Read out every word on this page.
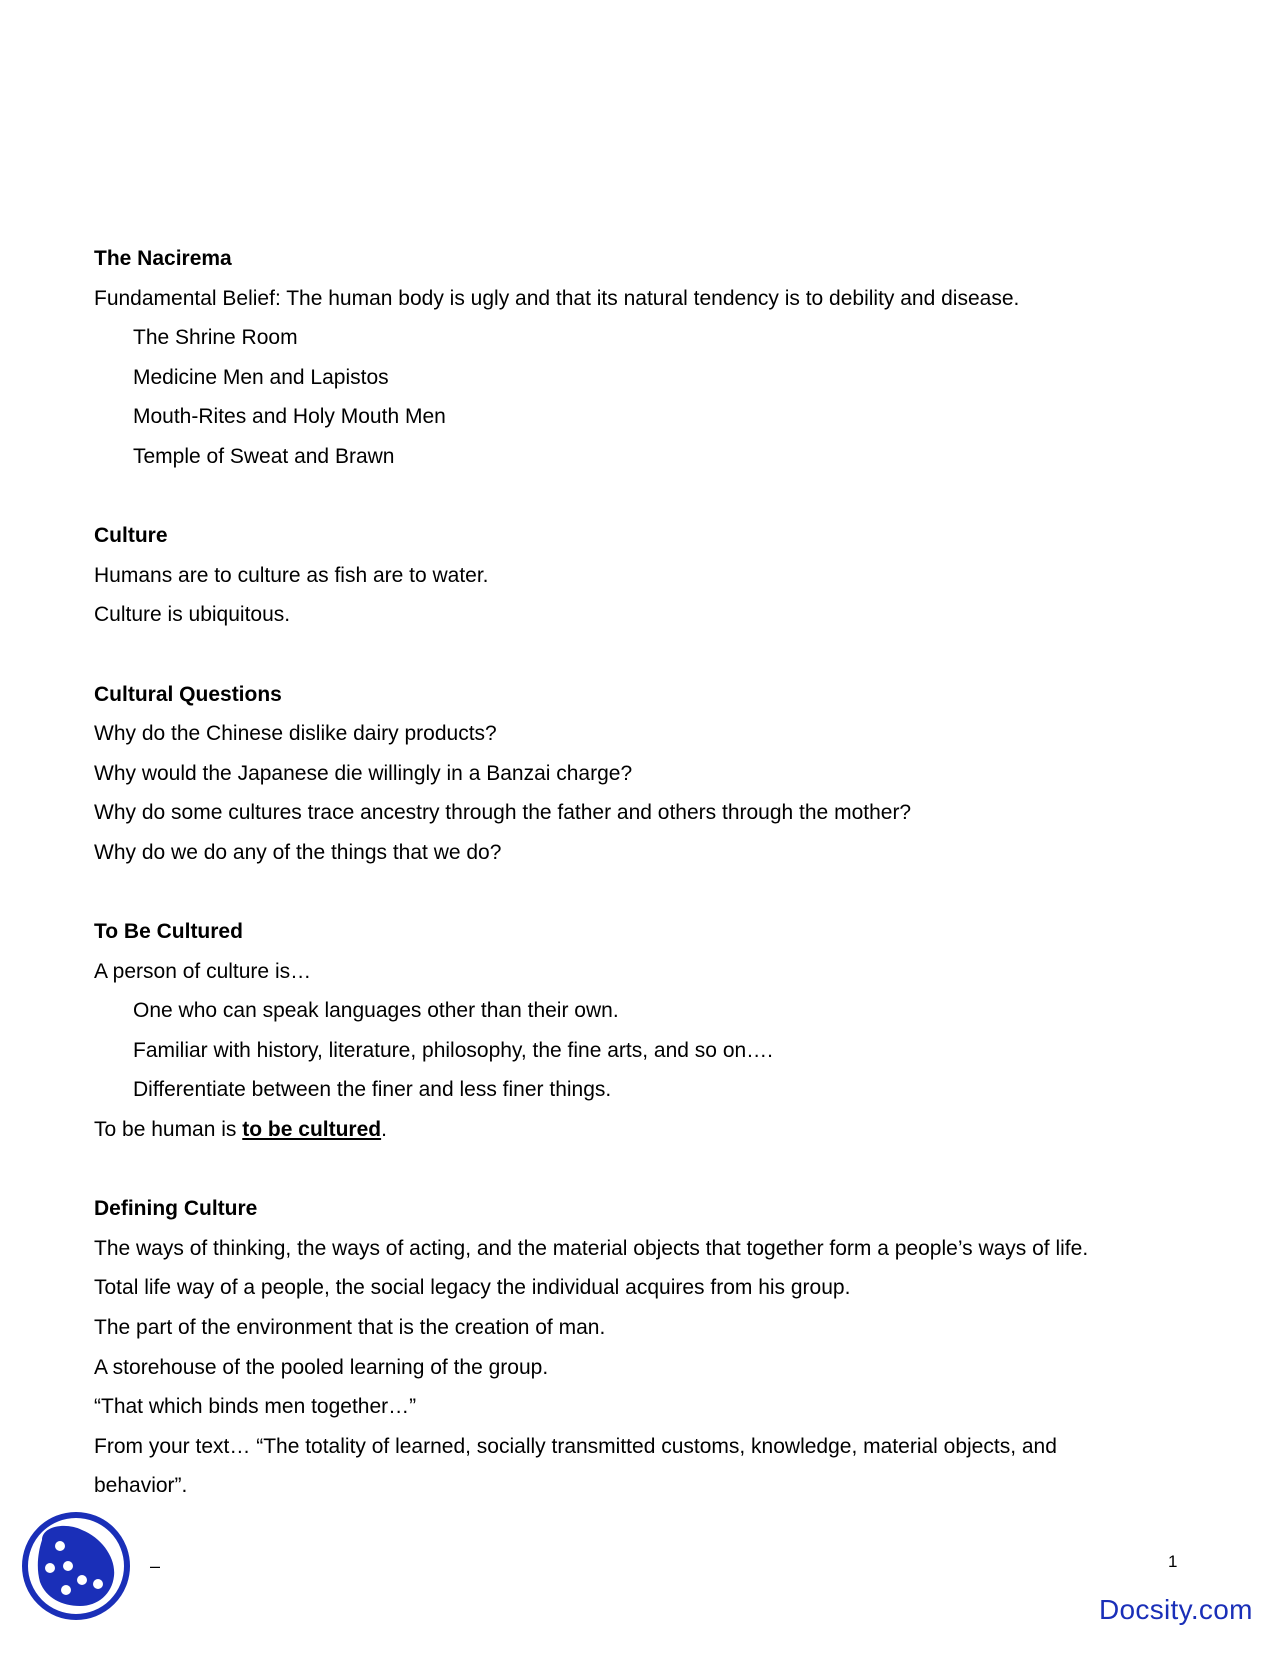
The Nacirema
Fundamental Belief: The human body is ugly and that its natural tendency is to debility and disease.
The Shrine Room
Medicine Men and Lapistos
Mouth-Rites and Holy Mouth Men
Temple of Sweat and Brawn
Culture
Humans are to culture as fish are to water.
Culture is ubiquitous.
Cultural Questions
Why do the Chinese dislike dairy products?
Why would the Japanese die willingly in a Banzai charge?
Why do some cultures trace ancestry through the father and others through the mother?
Why do we do any of the things that we do?
To Be Cultured
A person of culture is…
One who can speak languages other than their own.
Familiar with history, literature, philosophy, the fine arts, and so on….
Differentiate between the finer and less finer things.
To be human is to be cultured.
Defining Culture
The ways of thinking, the ways of acting, and the material objects that together form a people’s ways of life.
Total life way of a people, the social legacy the individual acquires from his group.
The part of the environment that is the creation of man.
A storehouse of the pooled learning of the group.
“That which binds men together…”
From your text… “The totality of learned, socially transmitted customs, knowledge, material objects, and
behavior”.
–	1
Docsity.com
